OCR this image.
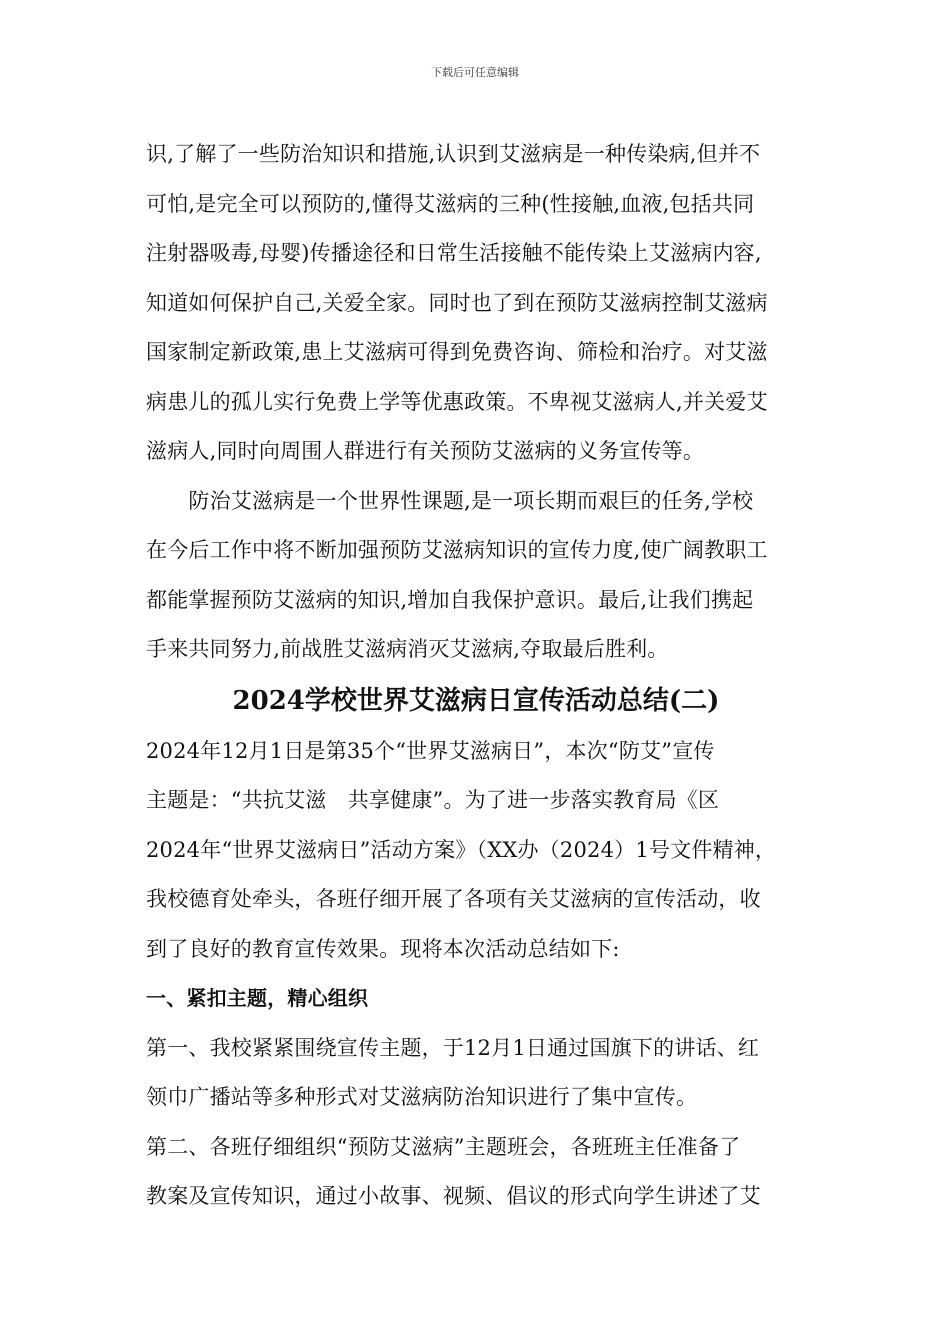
下载后可任意编辑
识,了解了一些防治知识和措施,认识到艾滋病是一种传染病,但并不
可怕,是完全可以预防的,懂得艾滋病的三种(性接触,血液,包括共同
注射器吸毒,母婴)传播途径和日常生活接触不能传染上艾滋病内容,
知道如何保护自己,关爱全家。同时也了到在预防艾滋病控制艾滋病
国家制定新政策,患上艾滋病可得到免费咨询、筛检和治疗。对艾滋
病患儿的孤儿实行免费上学等优惠政策。不卑视艾滋病人,并关爱艾
滋病人,同时向周围人群进行有关预防艾滋病的义务宣传等。
　　防治艾滋病是一个世界性课题,是一项长期而艰巨的任务,学校
在今后工作中将不断加强预防艾滋病知识的宣传力度,使广阔教职工
都能掌握预防艾滋病的知识,增加自我保护意识。最后,让我们携起
手来共同努力,前战胜艾滋病消灭艾滋病,夺取最后胜利。
2024学校世界艾滋病日宣传活动总结(二)
2024年12月1日是第35个“世界艾滋病日”，本次“防艾”宣传
主题是：“共抗艾滋　共享健康”。为了进一步落实教育局《区
2024年“世界艾滋病日”活动方案》（XX办（2024）1号文件精神，
我校德育处牵头，各班仔细开展了各项有关艾滋病的宣传活动，收
到了良好的教育宣传效果。现将本次活动总结如下:
一、紧扣主题，精心组织
第一、我校紧紧围绕宣传主题，于12月1日通过国旗下的讲话、红
领巾广播站等多种形式对艾滋病防治知识进行了集中宣传。
第二、各班仔细组织“预防艾滋病”主题班会，各班班主任准备了
教案及宣传知识，通过小故事、视频、倡议的形式向学生讲述了艾
